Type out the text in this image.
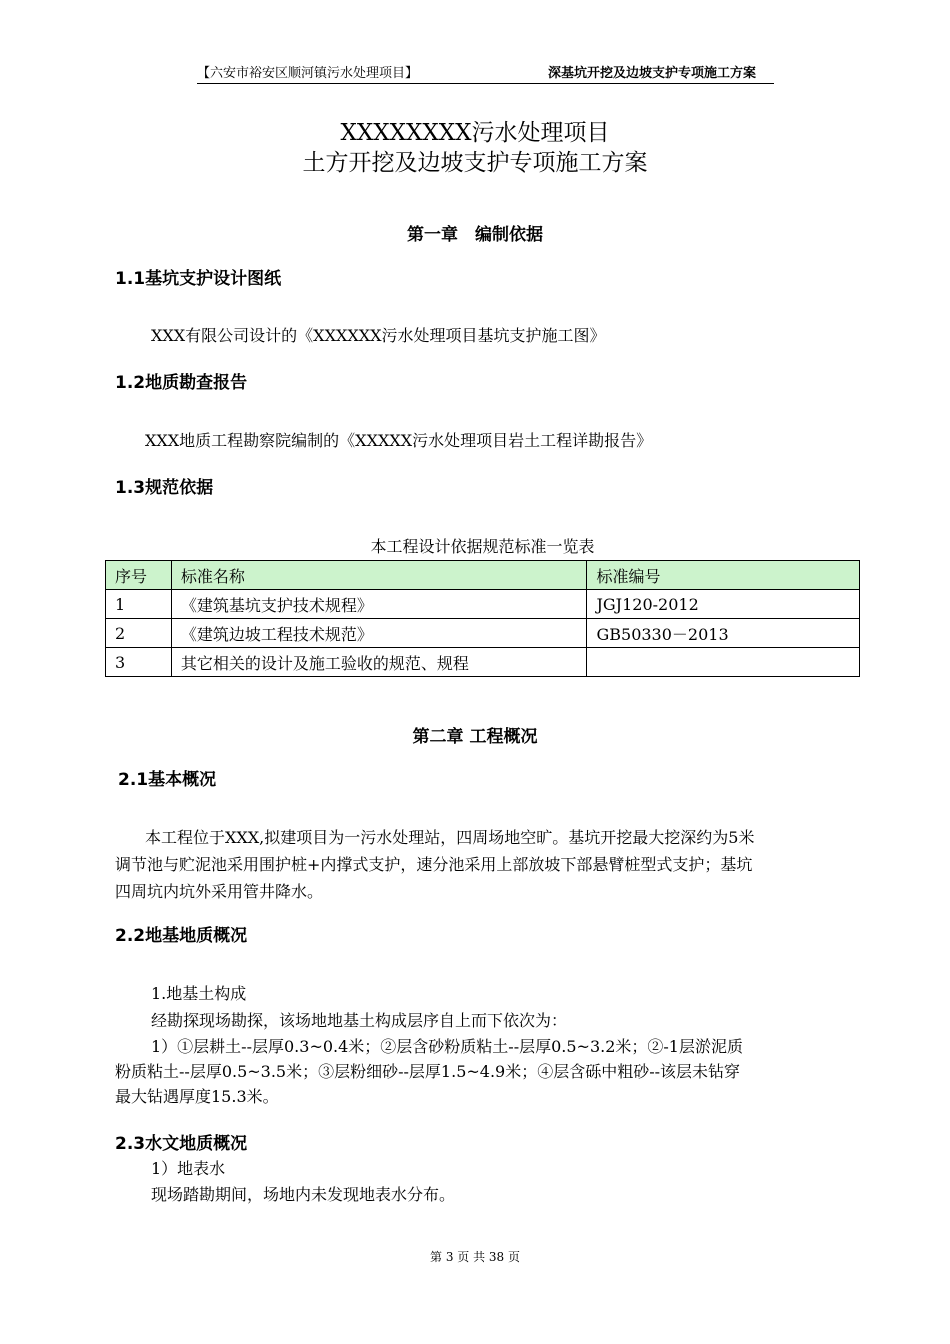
【六安市裕安区顺河镇污水处理项目】	深基坑开挖及边坡支护专项施工方案
XXXXXXXX污水处理项目
土方开挖及边坡支护专项施工方案
第一章　编制依据
1.1基坑支护设计图纸
XXX有限公司设计的《XXXXXX污水处理项目基坑支护施工图》
1.2地质勘查报告
XXX地质工程勘察院编制的《XXXXX污水处理项目岩土工程详勘报告》
1.3规范依据
本工程设计依据规范标准一览表
序号	标准名称	标准编号
1	《建筑基坑支护技术规程》	JGJ120-2012
2	《建筑边坡工程技术规范》	GB50330－2013
3	其它相关的设计及施工验收的规范、规程	
第二章 工程概况
2.1基本概况
本工程位于XXX,拟建项目为一污水处理站，四周场地空旷。基坑开挖最大挖深约为5米
调节池与贮泥池采用围护桩+内撑式支护，速分池采用上部放坡下部悬臂桩型式支护；基坑
四周坑内坑外采用管井降水。
2.2地基地质概况
1.地基土构成
经勘探现场勘探，该场地地基土构成层序自上而下依次为：
1）①层耕土--层厚0.3~0.4米；②层含砂粉质粘土--层厚0.5~3.2米；②-1层淤泥质
粉质粘土--层厚0.5~3.5米；③层粉细砂--层厚1.5~4.9米；④层含砾中粗砂--该层未钻穿
最大钻遇厚度15.3米。
2.3水文地质概况
1）地表水
现场踏勘期间，场地内未发现地表水分布。
第 3 页 共 38 页
